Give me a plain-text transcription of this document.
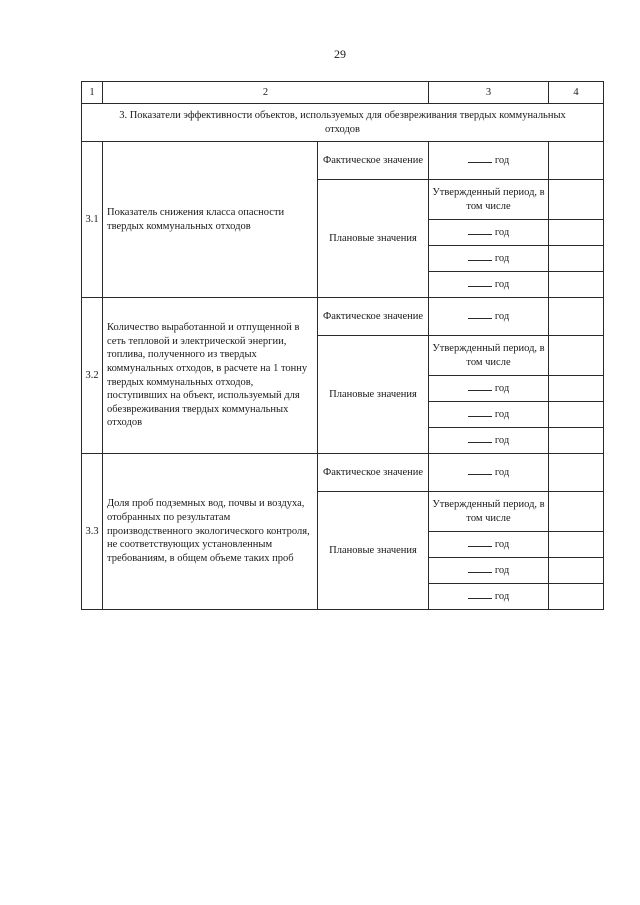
29
1	2		3	4
3. Показатели эффективности объектов, используемых для обезвреживания твердых коммунальных отходов				
3.1	Показатель снижения класса опасности твердых коммунальных отходов	Фактическое значение	год	
		Плановые значения	Утвержденный период, в том числе	
			год	
			год	
			год	
3.2	Количество выработанной и отпущенной в сеть тепловой и электрической энергии, топлива, полученного из твердых коммунальных отходов, в расчете на 1 тонну твердых коммунальных отходов, поступивших на объект, используемый для обезвреживания твердых коммунальных отходов	Фактическое значение	год	
		Плановые значения	Утвержденный период, в том числе	
			год	
			год	
			год	
3.3	Доля проб подземных вод, почвы и воздуха, отобранных по результатам производственного экологического контроля, не соответствующих установленным требованиям, в общем объеме таких проб	Фактическое значение	год	
		Плановые значения	Утвержденный период, в том числе	
			год	
			год	
			год	
